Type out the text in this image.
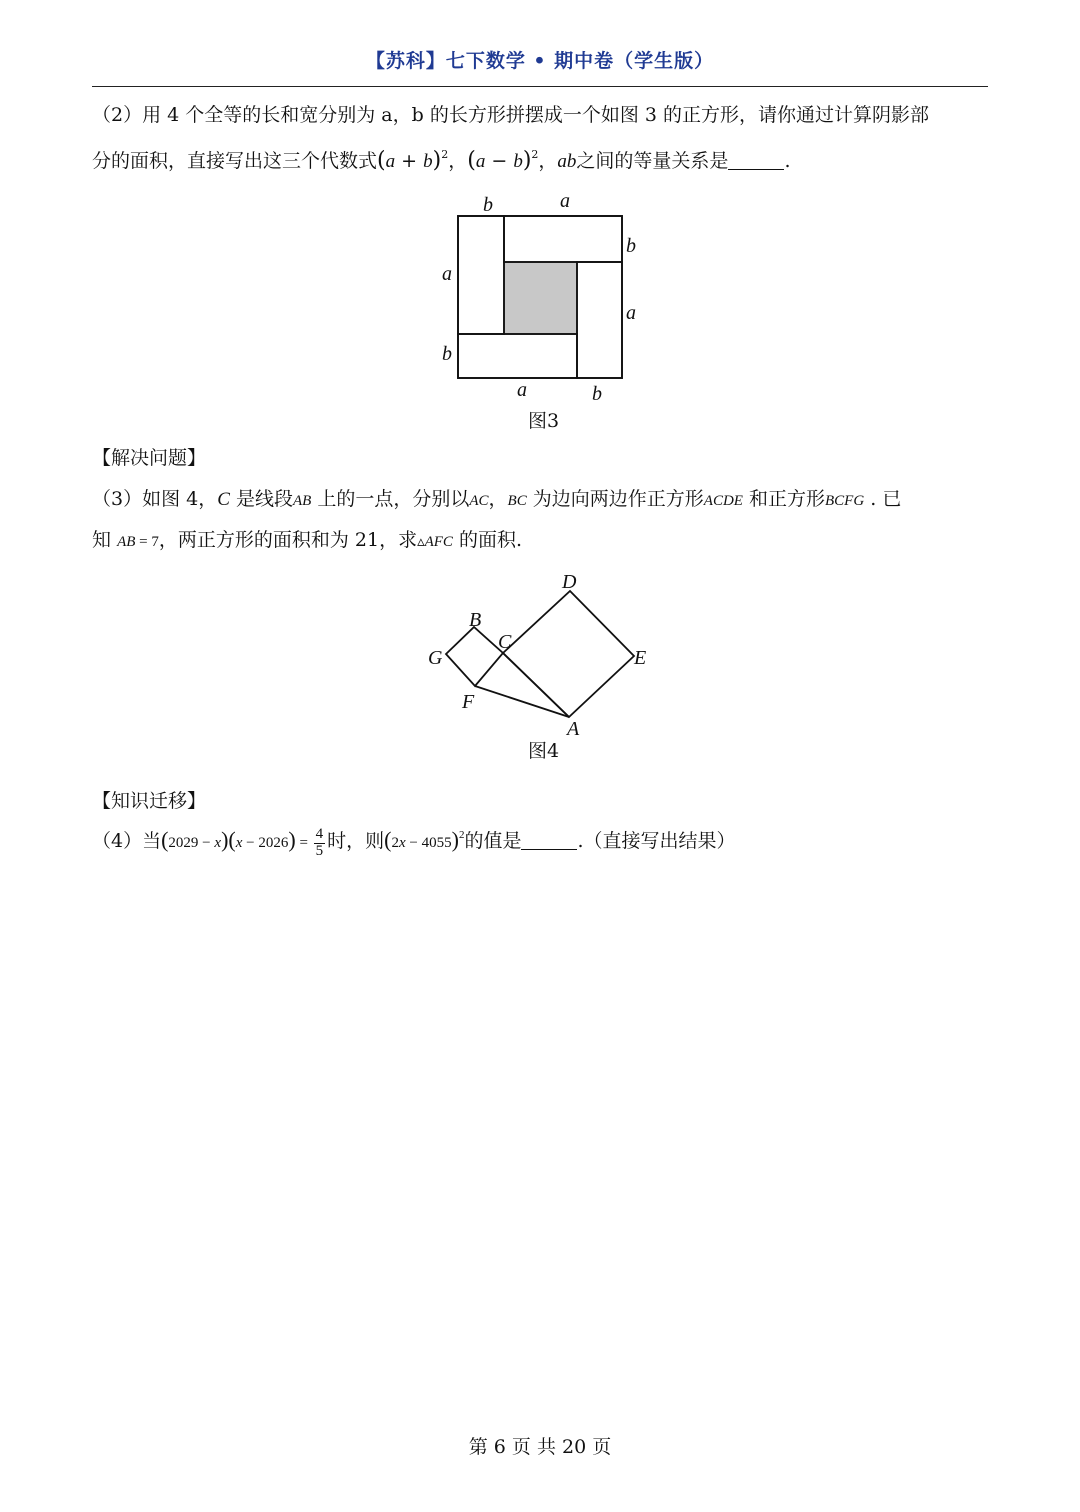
【苏科】七下数学 • 期中卷（学生版）
（2）用 4 个全等的长和宽分别为 a，b 的长方形拼摆成一个如图 3 的正方形，请你通过计算阴影部
分的面积，直接写出这三个代数式$(a + b)^2$，$(a - b)^2$，ab之间的等量关系是	.
b	a
b
a
a
b
a	b
图3
【解决问题】
（3）如图 4，C 是线段AB 上的一点，分别以AC，BC 为边向两边作正方形ACDE 和正方形BCFG . 已
知 AB = 7，两正方形的面积和为 21，求▵AFC 的面积.
D
B
C
G	E
F
A
图4
【知识迁移】
（4）当$(2029 - x)(x - 2026) = \frac{4}{5}$ 时，则$(2x - 4055)^2$的值是	.（直接写出结果）
第 6 页 共 20 页
